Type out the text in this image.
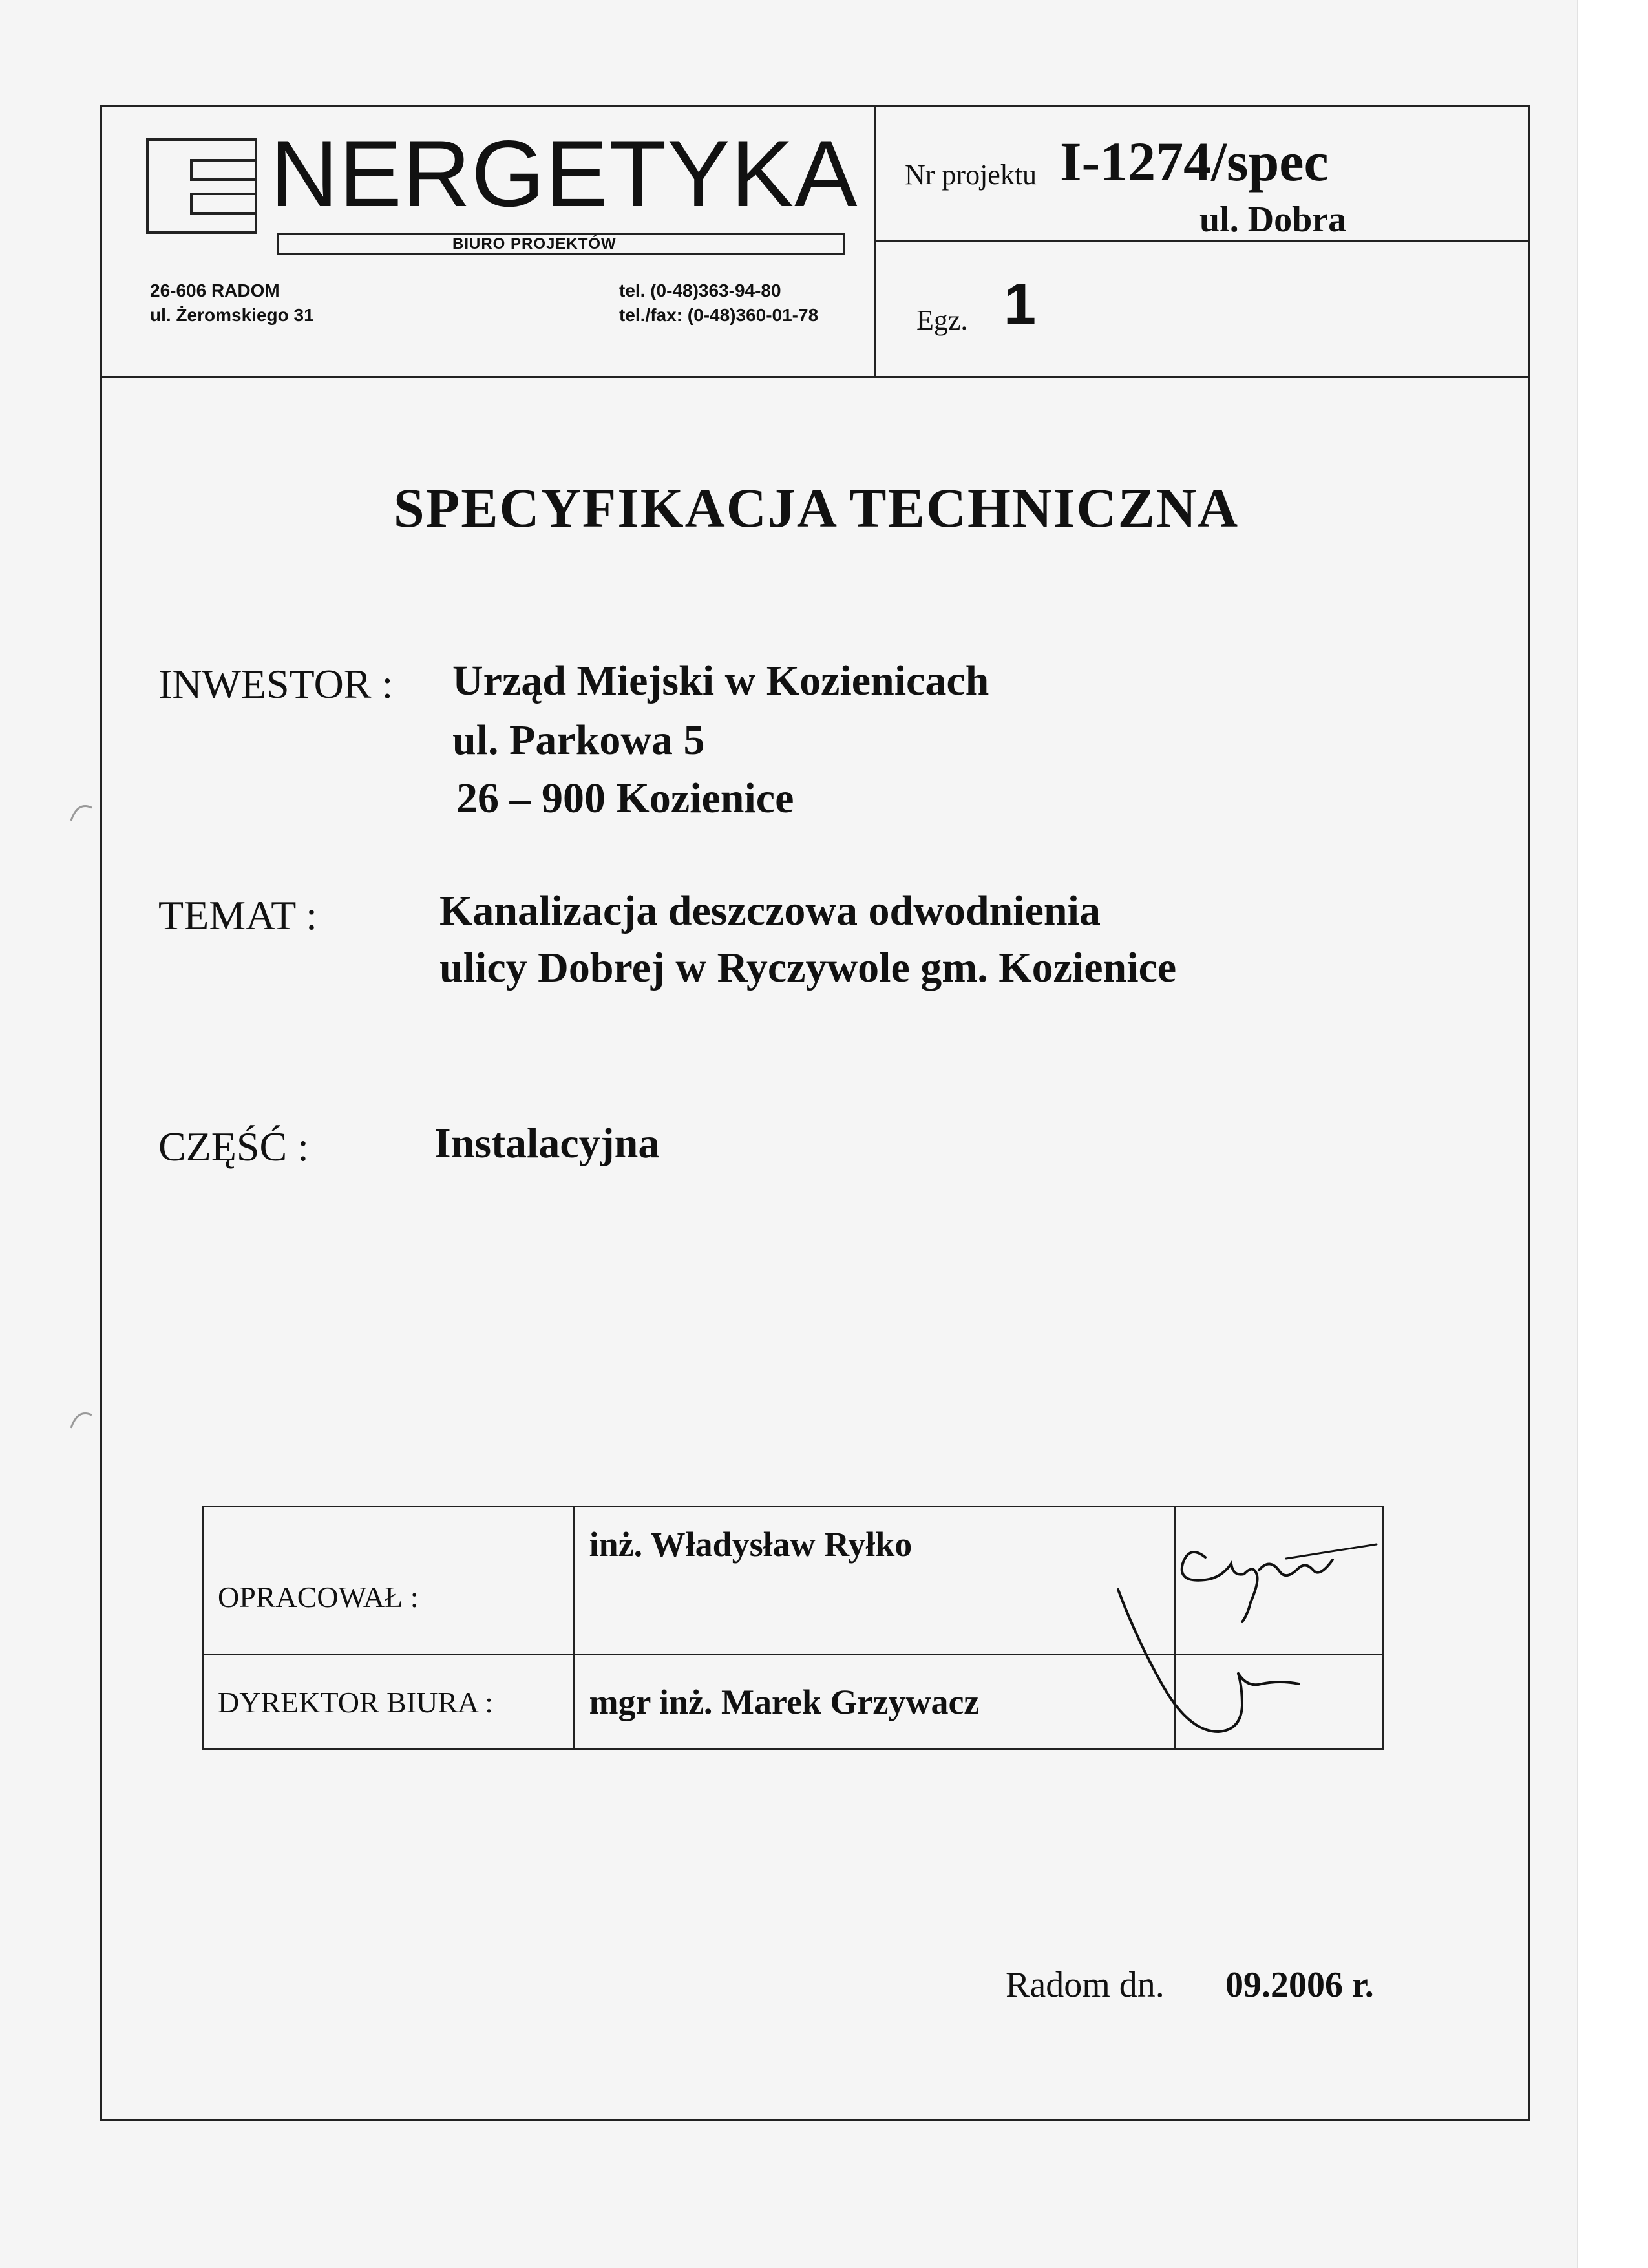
NERGETYKA
BIURO PROJEKTÓW
26-606 RADOM
ul. Żeromskiego 31
tel. (0-48)363-94-80
tel./fax: (0-48)360-01-78
Nr projektu I-1274/spec
ul. Dobra
Egz. 1
SPECYFIKACJA TECHNICZNA
INWESTOR : Urząd Miejski w Kozienicach
ul. Parkowa 5
26 – 900 Kozienice
TEMAT :	Kanalizacja deszczowa odwodnienia
ulicy Dobrej w Ryczywole gm. Kozienice
CZĘŚĆ :	Instalacyjna
OPRACOWAŁ :	inż. Władysław Ryłko	
DYREKTOR BIURA :	mgr inż. Marek Grzywacz	
Radom dn. 09.2006 r.
